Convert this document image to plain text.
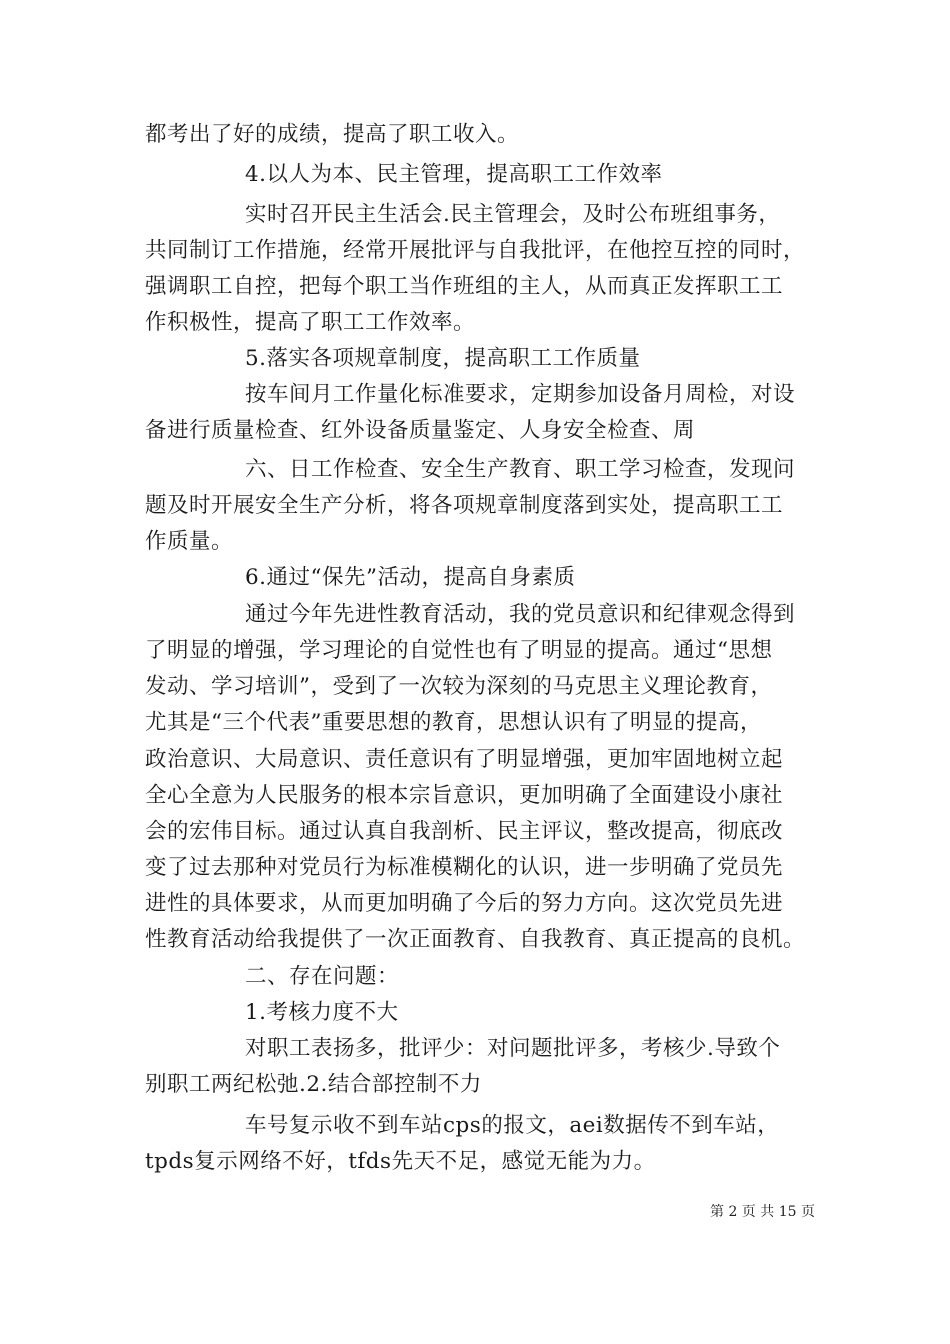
都考出了好的成绩，提高了职工收入。
4.以人为本、民主管理，提高职工工作效率
实时召开民主生活会.民主管理会，及时公布班组事务，
共同制订工作措施，经常开展批评与自我批评，在他控互控的同时，
强调职工自控，把每个职工当作班组的主人，从而真正发挥职工工
作积极性，提高了职工工作效率。
5.落实各项规章制度，提高职工工作质量
按车间月工作量化标准要求，定期参加设备月周检，对设
备进行质量检查、红外设备质量鉴定、人身安全检查、周
六、日工作检查、安全生产教育、职工学习检查，发现问
题及时开展安全生产分析，将各项规章制度落到实处，提高职工工
作质量。
6.通过“保先”活动，提高自身素质
通过今年先进性教育活动，我的党员意识和纪律观念得到
了明显的增强，学习理论的自觉性也有了明显的提高。通过“思想
发动、学习培训”，受到了一次较为深刻的马克思主义理论教育，
尤其是“三个代表”重要思想的教育，思想认识有了明显的提高，
政治意识、大局意识、责任意识有了明显增强，更加牢固地树立起
全心全意为人民服务的根本宗旨意识，更加明确了全面建设小康社
会的宏伟目标。通过认真自我剖析、民主评议，整改提高，彻底改
变了过去那种对党员行为标准模糊化的认识，进一步明确了党员先
进性的具体要求，从而更加明确了今后的努力方向。这次党员先进
性教育活动给我提供了一次正面教育、自我教育、真正提高的良机。
二、存在问题：
1.考核力度不大
对职工表扬多，批评少：对问题批评多，考核少.导致个
别职工两纪松弛.2.结合部控制不力
车号复示收不到车站cps的报文，aei数据传不到车站，
tpds复示网络不好，tfds先天不足，感觉无能为力。
第 2 页 共 15 页
